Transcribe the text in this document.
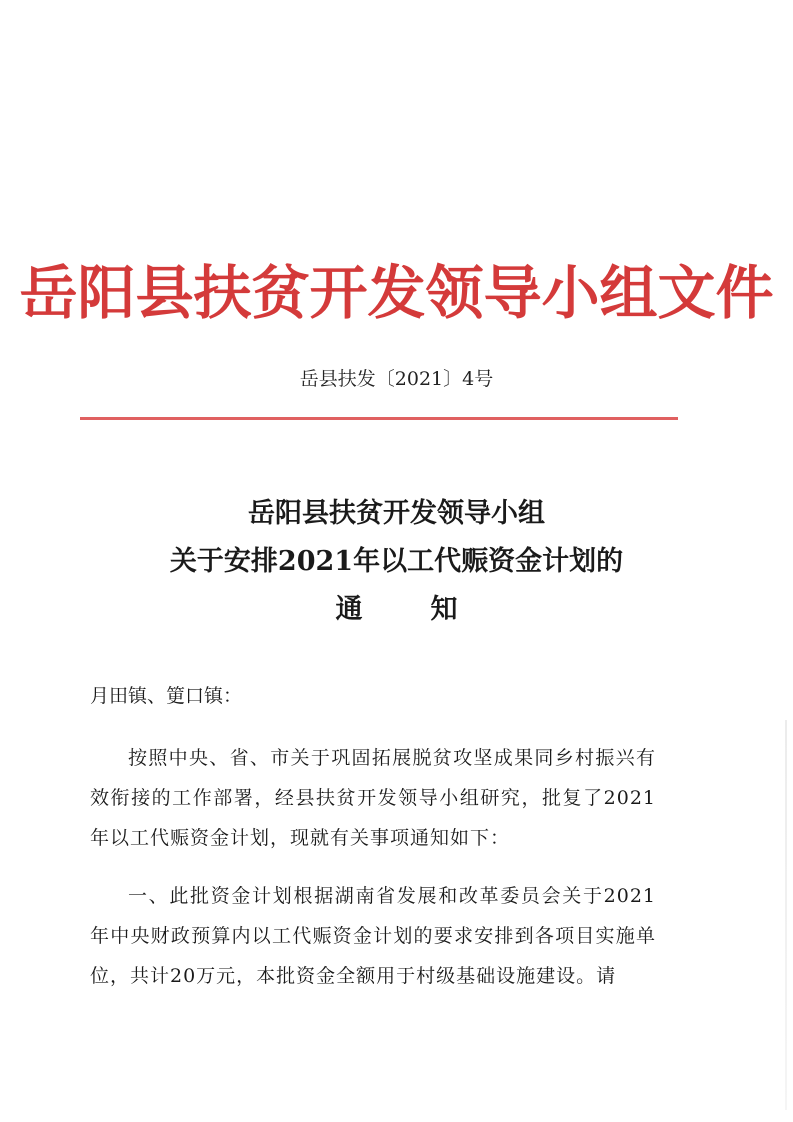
岳阳县扶贫开发领导小组文件
岳县扶发〔2021〕4号
岳阳县扶贫开发领导小组
关于安排2021年以工代赈资金计划的
通知

月田镇、筻口镇：

按照中央、省、市关于巩固拓展脱贫攻坚成果同乡村振兴有效衔接的工作部署，经县扶贫开发领导小组研究，批复了2021年以工代赈资金计划，现就有关事项通知如下：

一、此批资金计划根据湖南省发展和改革委员会关于2021年中央财政预算内以工代赈资金计划的要求安排到各项目实施单位，共计20万元，本批资金全额用于村级基础设施建设。请
